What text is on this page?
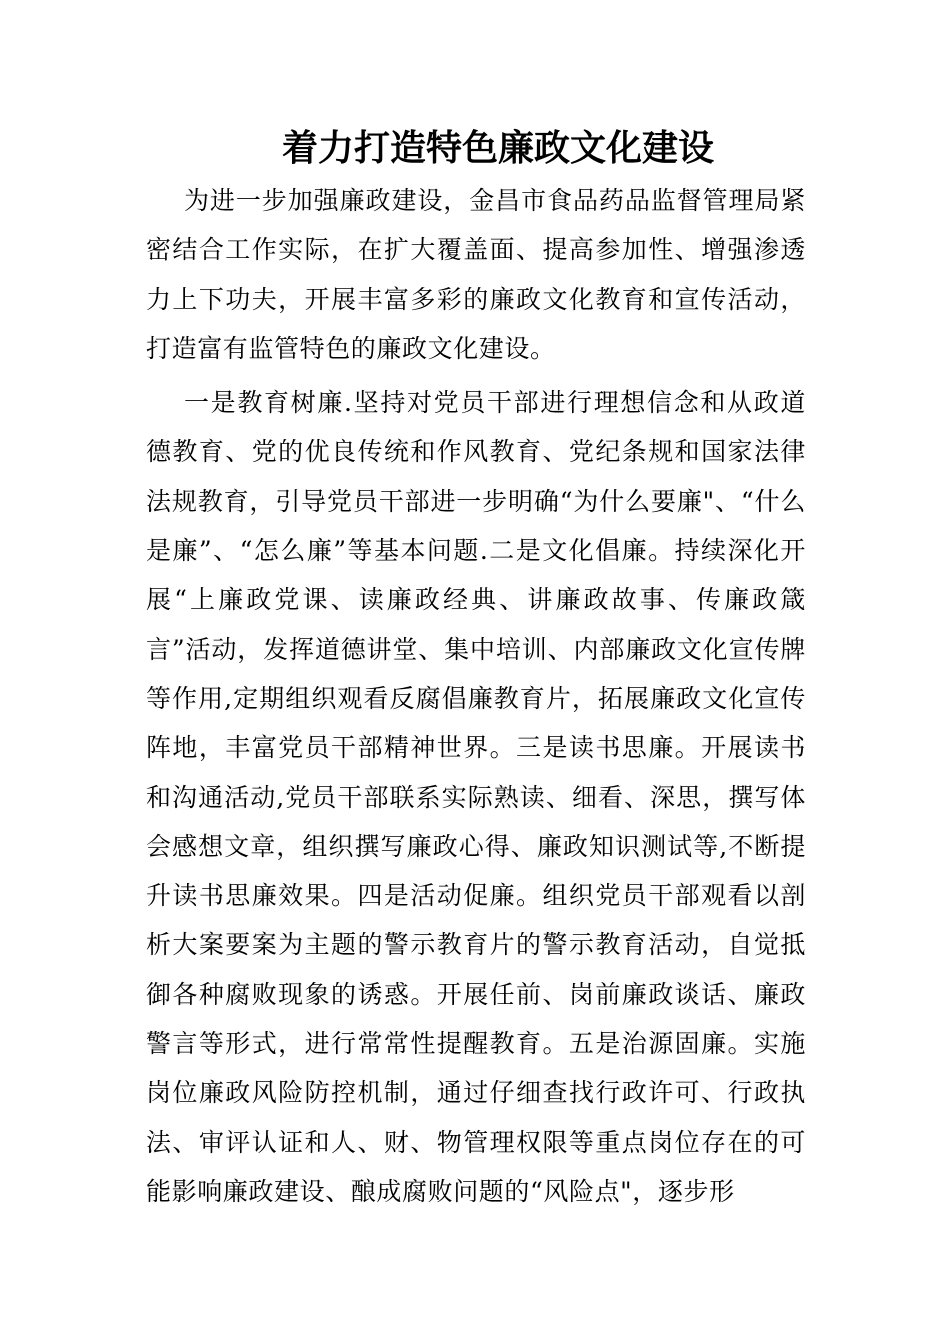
着力打造特色廉政文化建设

为进一步加强廉政建设，金昌市食品药品监督管理局紧密结合工作实际，在扩大覆盖面、提高参加性、增强渗透力上下功夫，开展丰富多彩的廉政文化教育和宣传活动，打造富有监管特色的廉政文化建设。

一是教育树廉.坚持对党员干部进行理想信念和从政道德教育、党的优良传统和作风教育、党纪条规和国家法律法规教育，引导党员干部进一步明确“为什么要廉"、“什么是廉”、“怎么廉”等基本问题.二是文化倡廉。持续深化开展“上廉政党课、读廉政经典、讲廉政故事、传廉政箴言”活动，发挥道德讲堂、集中培训、内部廉政文化宣传牌等作用,定期组织观看反腐倡廉教育片，拓展廉政文化宣传阵地，丰富党员干部精神世界。三是读书思廉。开展读书和沟通活动,党员干部联系实际熟读、细看、深思，撰写体会感想文章，组织撰写廉政心得、廉政知识测试等,不断提升读书思廉效果。四是活动促廉。组织党员干部观看以剖析大案要案为主题的警示教育片的警示教育活动，自觉抵御各种腐败现象的诱惑。开展任前、岗前廉政谈话、廉政警言等形式，进行常常性提醒教育。五是治源固廉。实施岗位廉政风险防控机制，通过仔细查找行政许可、行政执法、审评认证和人、财、物管理权限等重点岗位存在的可能影响廉政建设、酿成腐败问题的“风险点"，逐步形
